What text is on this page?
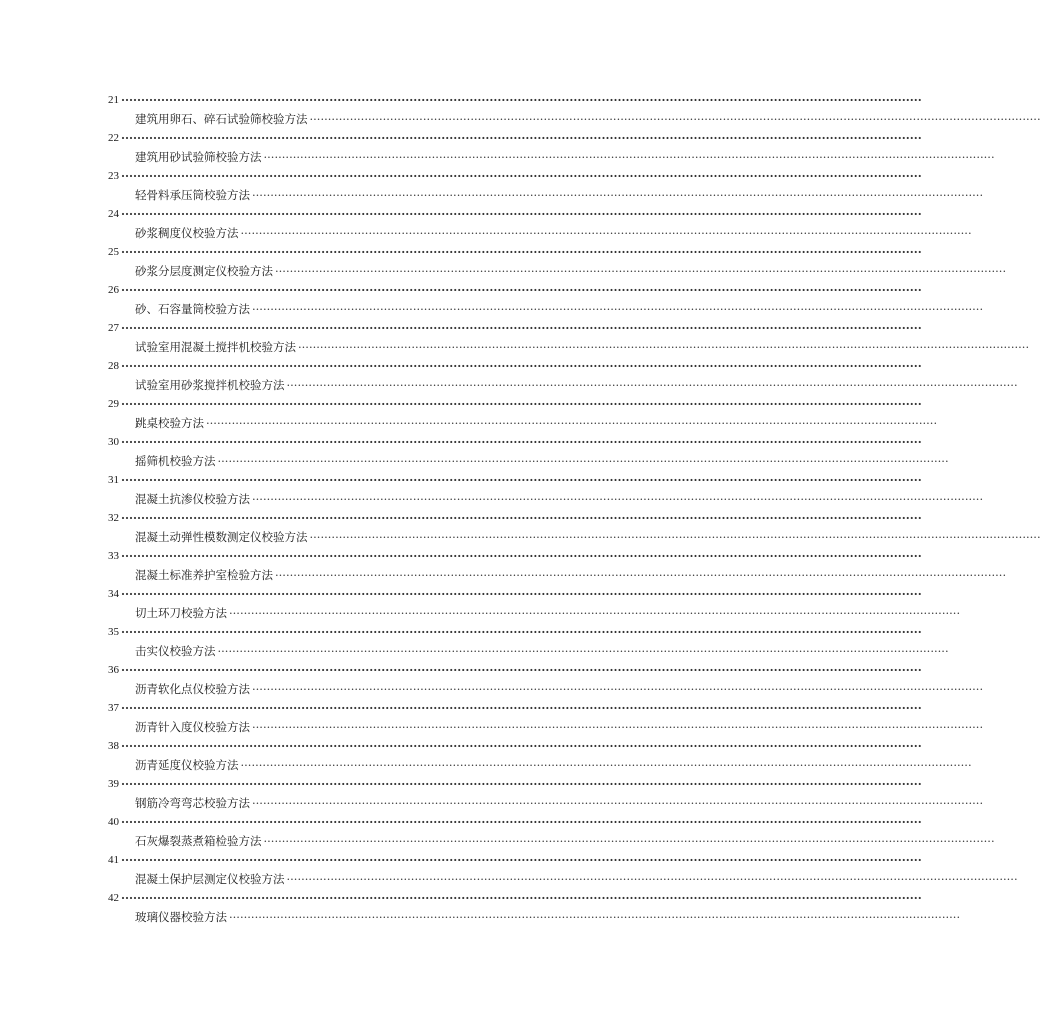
21 ········································································································································································································
建筑用卵石、碎石试验筛校验方法 ········································································································································································································
22 ········································································································································································································
建筑用砂试验筛校验方法 ········································································································································································································
23 ········································································································································································································
轻骨料承压筒校验方法 ········································································································································································································
24 ········································································································································································································
砂浆稠度仪校验方法 ········································································································································································································
25 ········································································································································································································
砂浆分层度测定仪校验方法 ········································································································································································································
26 ········································································································································································································
砂、石容量筒校验方法 ········································································································································································································
27 ········································································································································································································
试验室用混凝土搅拌机校验方法 ········································································································································································································
28 ········································································································································································································
试验室用砂浆搅拌机校验方法 ········································································································································································································
29 ········································································································································································································
跳桌校验方法 ········································································································································································································
30 ········································································································································································································
摇筛机校验方法 ········································································································································································································
31 ········································································································································································································
混凝土抗渗仪校验方法 ········································································································································································································
32 ········································································································································································································
混凝土动弹性模数测定仪校验方法 ········································································································································································································
33 ········································································································································································································
混凝土标准养护室检验方法 ········································································································································································································
34 ········································································································································································································
切土环刀校验方法 ········································································································································································································
35 ········································································································································································································
击实仪校验方法 ········································································································································································································
36 ········································································································································································································
沥青软化点仪校验方法 ········································································································································································································
37 ········································································································································································································
沥青针入度仪校验方法 ········································································································································································································
38 ········································································································································································································
沥青延度仪校验方法 ········································································································································································································
39 ········································································································································································································
钢筋冷弯弯芯校验方法 ········································································································································································································
40 ········································································································································································································
石灰爆裂蒸煮箱检验方法 ········································································································································································································
41 ········································································································································································································
混凝土保护层测定仪校验方法 ········································································································································································································
42 ········································································································································································································
玻璃仪器校验方法 ········································································································································································································
